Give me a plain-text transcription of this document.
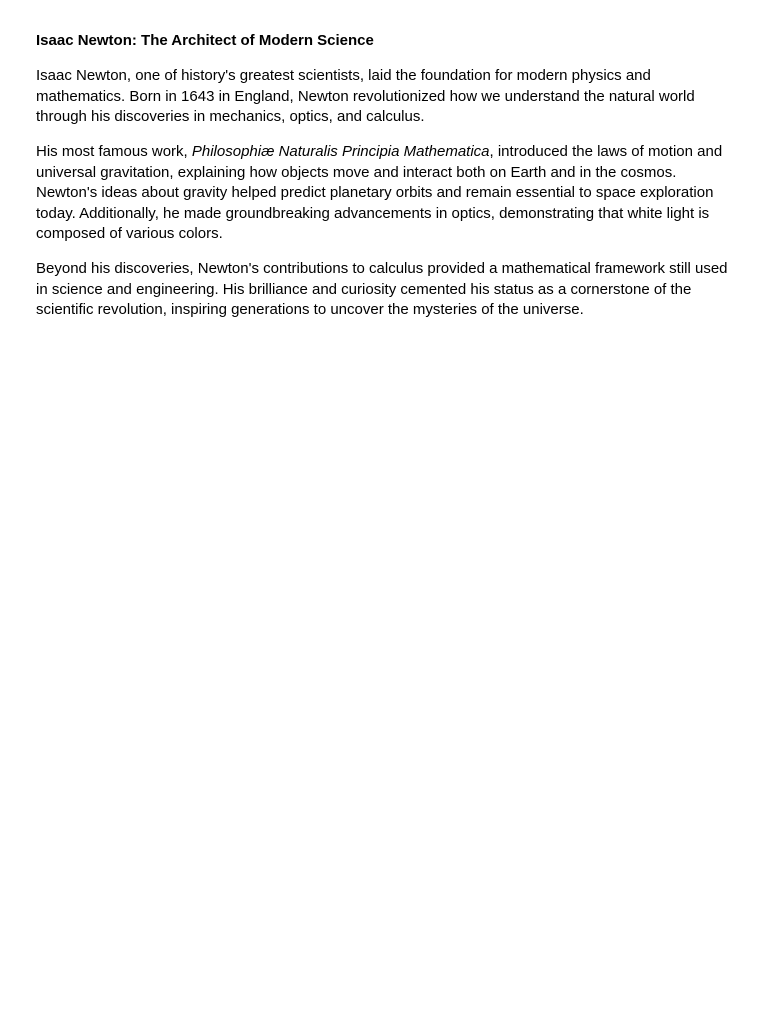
Isaac Newton: The Architect of Modern Science

Isaac Newton, one of history's greatest scientists, laid the foundation for modern physics and mathematics. Born in 1643 in England, Newton revolutionized how we understand the natural world through his discoveries in mechanics, optics, and calculus.

His most famous work, Philosophiæ Naturalis Principia Mathematica, introduced the laws of motion and universal gravitation, explaining how objects move and interact both on Earth and in the cosmos. Newton's ideas about gravity helped predict planetary orbits and remain essential to space exploration today. Additionally, he made groundbreaking advancements in optics, demonstrating that white light is composed of various colors.

Beyond his discoveries, Newton's contributions to calculus provided a mathematical framework still used in science and engineering. His brilliance and curiosity cemented his status as a cornerstone of the scientific revolution, inspiring generations to uncover the mysteries of the universe.
